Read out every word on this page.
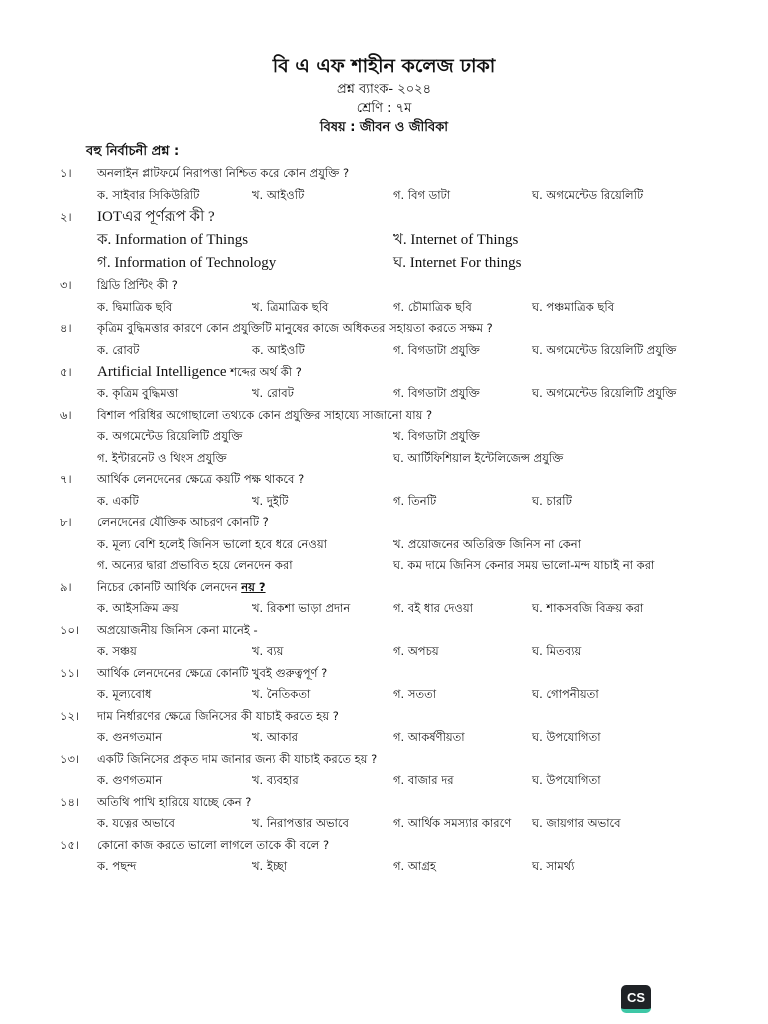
বি এ এফ শাহীন কলেজ ঢাকা
প্রশ্ন ব্যাংক- ২০২৪
শ্রেণি : ৭ম
বিষয় : জীবন ও জীবিকা
বহু নির্বাচনী প্রশ্ন :
১। অনলাইন প্লাটফর্মে নিরাপত্তা নিশ্চিত করে কোন প্রযুক্তি ?
ক. সাইবার সিকিউরিটি	খ. আইওটি	গ. বিগ ডাটা	ঘ. অগমেন্টেড রিয়েলিটি
২। IOTএর পূর্ণরূপ কী ?
ক. Information of Things	খ. Internet of Things
গ. Information of Technology	ঘ. Internet For things
৩। থ্রিডি প্রিন্টিং কী ?
ক. দ্বিমাত্রিক ছবি	খ. ত্রিমাত্রিক ছবি	গ. চৌমাত্রিক ছবি	ঘ. পঞ্চমাত্রিক ছবি
৪। কৃত্রিম বুদ্ধিমত্তার কারণে কোন প্রযুক্তিটি মানুষের কাজে অধিকতর সহায়তা করতে সক্ষম ?
ক. রোবট	ক. আইওটি	গ. বিগডাটা প্রযুক্তি	ঘ. অগমেন্টেড রিয়েলিটি প্রযুক্তি
৫। Artificial Intelligence শব্দের অর্থ কী ?
ক. কৃত্রিম বুদ্ধিমত্তা	খ. রোবট	গ. বিগডাটা প্রযুক্তি	ঘ. অগমেন্টেড রিয়েলিটি প্রযুক্তি
৬। বিশাল পরিধির অগোছালো তথ্যকে কোন প্রযুক্তির সাহায্যে সাজানো যায় ?
ক. অগমেন্টেড রিয়েলিটি প্রযুক্তি	খ. বিগডাটা প্রযুক্তি
গ. ইন্টারনেট ও থিংস প্রযুক্তি	ঘ. আর্টিফিশিয়াল ইন্টেলিজেন্স প্রযুক্তি
৭। আর্থিক লেনদেনের ক্ষেত্রে কয়টি পক্ষ থাকবে ?
ক. একটি	খ. দুইটি	গ. তিনটি	ঘ. চারটি
৮। লেনদেনের যৌক্তিক আচরণ কোনটি ?
ক. মূল্য বেশি হলেই জিনিস ভালো হবে ধরে নেওয়া	খ. প্রয়োজনের অতিরিক্ত জিনিস না কেনা
গ. অন্যের দ্বারা প্রভাবিত হয়ে লেনদেন করা	ঘ. কম দামে জিনিস কেনার সময় ভালো-মন্দ যাচাই না করা
৯। নিচের কোনটি আর্থিক লেনদেন নয় ?
ক. আইসক্রিম ক্রয়	খ. রিকশা ভাড়া প্রদান	গ. বই ধার দেওয়া	ঘ. শাকসবজি বিক্রয় করা
১০। অপ্রয়োজনীয় জিনিস কেনা মানেই -
ক. সঞ্চয়	খ. ব্যয়	গ. অপচয়	ঘ. মিতব্যয়
১১। আর্থিক লেনদেনের ক্ষেত্রে কোনটি খুবই গুরুত্বপূর্ণ ?
ক. মূল্যবোধ	খ. নৈতিকতা	গ. সততা	ঘ. গোপনীয়তা
১২। দাম নির্ধারণের ক্ষেত্রে জিনিসের কী যাচাই করতে হয় ?
ক. গুনগতমান	খ. আকার	গ. আকর্ষণীয়তা	ঘ. উপযোগিতা
১৩। একটি জিনিসের প্রকৃত দাম জানার জন্য কী যাচাই করতে হয় ?
ক. গুণগতমান	খ. ব্যবহার	গ. বাজার দর	ঘ. উপযোগিতা
১৪। অতিথি পাখি হারিয়ে যাচ্ছে কেন ?
ক. যত্নের অভাবে	খ. নিরাপত্তার অভাবে	গ. আর্থিক সমস্যার কারণে ঘ. জায়গার অভাবে
১৫। কোনো কাজ করতে ভালো লাগলে তাকে কী বলে ?
ক. পছন্দ	খ. ইচ্ছা	গ. আগ্রহ	ঘ. সামর্থ্য
CS
